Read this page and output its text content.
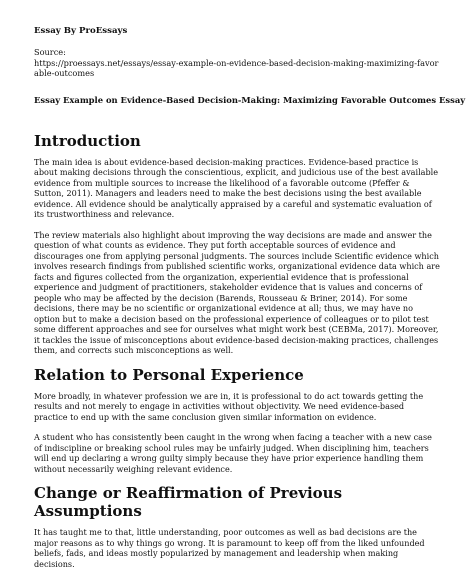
Essay By ProEssays
Source:
https://proessays.net/essays/essay-example-on-evidence-based-decision-making-maximizing-favorable-outcomes
Essay Example on Evidence-Based Decision-Making: Maximizing Favorable Outcomes Essay
Introduction

The main idea is about evidence-based decision-making practices. Evidence-based practice is about making decisions through the conscientious, explicit, and judicious use of the best available evidence from multiple sources to increase the likelihood of a favorable outcome (Pfeffer & Sutton, 2011). Managers and leaders need to make the best decisions using the best available evidence. All evidence should be analytically appraised by a careful and systematic evaluation of its trustworthiness and relevance.

The review materials also highlight about improving the way decisions are made and answer the question of what counts as evidence. They put forth acceptable sources of evidence and discourages one from applying personal judgments. The sources include Scientific evidence which involves research findings from published scientific works, organizational evidence data which are facts and figures collected from the organization, experiential evidence that is professional experience and judgment of practitioners, stakeholder evidence that is values and concerns of people who may be affected by the decision (Barends, Rousseau & Briner, 2014). For some decisions, there may be no scientific or organizational evidence at all; thus, we may have no option but to make a decision based on the professional experience of colleagues or to pilot test some different approaches and see for ourselves what might work best (CEBMa, 2017). Moreover, it tackles the issue of misconceptions about evidence-based decision-making practices, challenges them, and corrects such misconceptions as well.

Relation to Personal Experience

More broadly, in whatever profession we are in, it is professional to do act towards getting the results and not merely to engage in activities without objectivity. We need evidence-based practice to end up with the same conclusion given similar information on evidence.

A student who has consistently been caught in the wrong when facing a teacher with a new case of indiscipline or breaking school rules may be unfairly judged. When disciplining him, teachers will end up declaring a wrong guilty simply because they have prior experience handling them without necessarily weighing relevant evidence.

Change or Reaffirmation of Previous Assumptions

It has taught me to that, little understanding, poor outcomes as well as bad decisions are the major reasons as to why things go wrong. It is paramount to keep off from the liked unfounded beliefs, fads, and ideas mostly popularized by management and leadership when making decisions.
